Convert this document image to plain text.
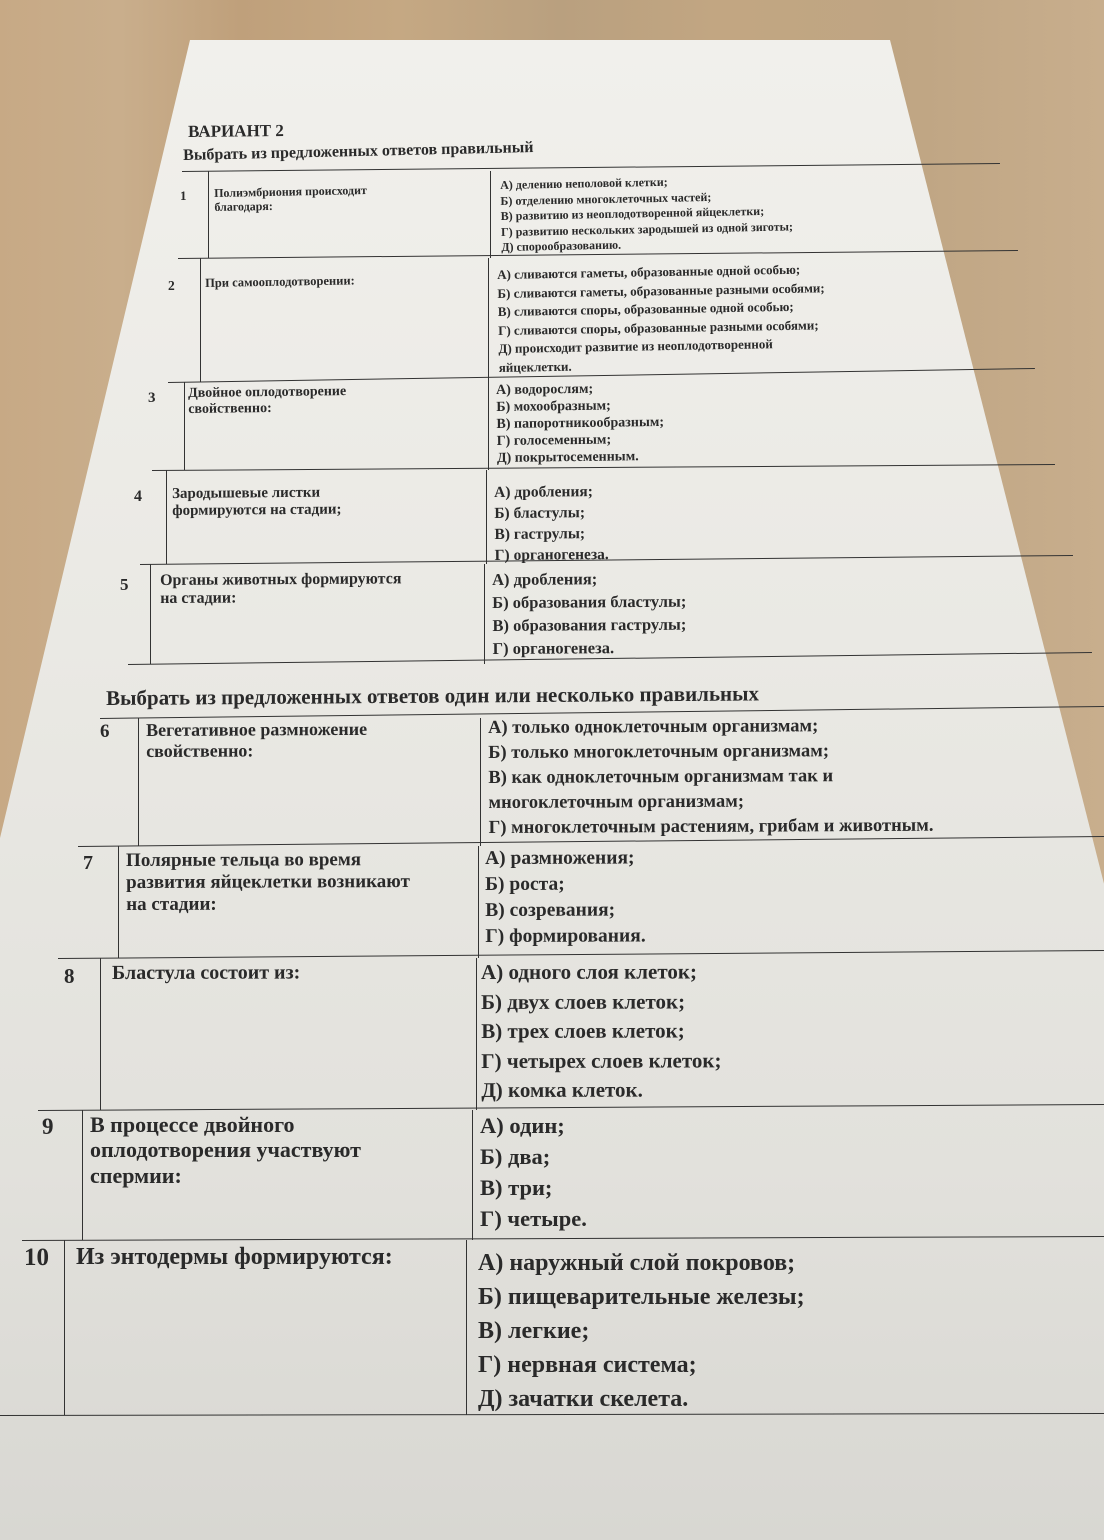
ВАРИАНТ 2
Выбрать из предложенных ответов правильный
Выбрать из предложенных ответов один или несколько правильных
1 Полиэмбриония происходит
благодаря:
А) делению неполовой клетки;
Б) отделению многоклеточных частей;
В) развитию из неоплодотворенной яйцеклетки;
Г) развитию нескольких зародышей из одной зиготы;
Д) спорообразованию.
2 При самооплодотворении:	А) сливаются гаметы, образованные одной особью;
Б) сливаются гаметы, образованные разными особями;
В) сливаются споры, образованные одной особью;
Г) сливаются споры, образованные разными особями;
Д) происходит развитие из неоплодотворенной
яйцеклетки.
3 Двойное оплодотворение
свойственно:
А) водорослям;
Б) мохообразным;
В) папоротникообразным;
Г) голосеменным;
Д) покрытосеменным.
4 Зародышевые листки
формируются на стадии;
А) дробления;
Б) бластулы;
В) гаструлы;
Г) органогенеза.
5 Органы животных формируются
на стадии:
А) дробления;
Б) образования бластулы;
В) образования гаструлы;
Г) органогенеза.
6 Вегетативное размножение
свойственно:
А) только одноклеточным организмам;
Б) только многоклеточным организмам;
В) как одноклеточным организмам так и
многоклеточным организмам;
Г) многоклеточным растениям, грибам и животным.
7 Полярные тельца во время
развития яйцеклетки возникают
на стадии:
А) размножения;
Б) роста;
В) созревания;
Г) формирования.
8 Бластула состоит из:	А) одного слоя клеток;
Б) двух слоев клеток;
В) трех слоев клеток;
Г) четырех слоев клеток;
Д) комка клеток.
9 В процессе двойного
оплодотворения участвуют
спермии:
А) один;
Б) два;
В) три;
Г) четыре.
10 Из энтодермы формируются:	А) наружный слой покровов;
Б) пищеварительные железы;
В) легкие;
Г) нервная система;
Д) зачатки скелета.
